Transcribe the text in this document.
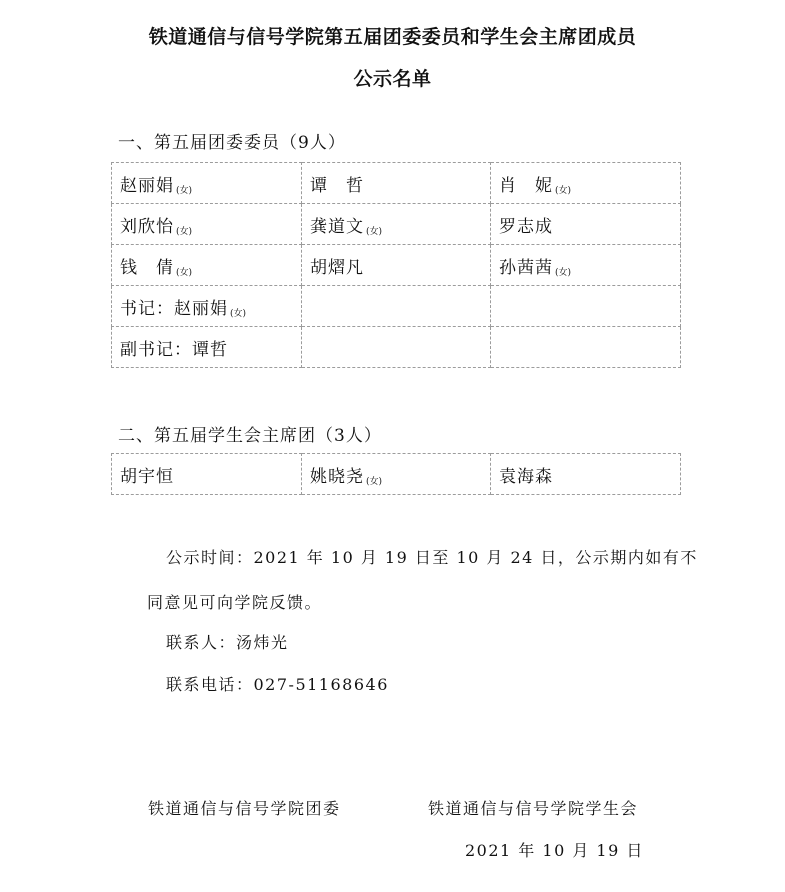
铁道通信与信号学院第五届团委委员和学生会主席团成员
公示名单
一、第五届团委委员（9人）
赵丽娟 $_{(女)}$	谭　哲	肖　妮 $_{(女)}$
刘欣怡 $_{(女)}$	龚道文 $_{(女)}$	罗志成
钱　倩 $_{(女)}$	胡熠凡	孙茜茜 $_{(女)}$
书记：赵丽娟 $_{(女)}$		
副书记：谭哲		
二、第五届学生会主席团（3人）
胡宇恒	姚晓尧 $_{(女)}$	袁海森
公示时间：2021 年 10 月 19 日至 10 月 24 日，公示期内如有不
同意见可向学院反馈。
联系人：汤炜光
联系电话：027-51168646
铁道通信与信号学院团委	铁道通信与信号学院学生会
2021 年 10 月 19 日
